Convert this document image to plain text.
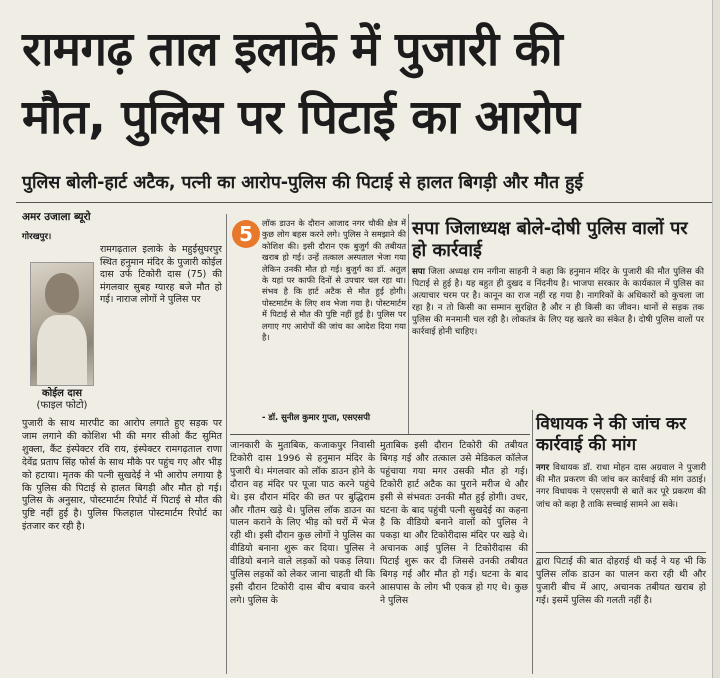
रामगढ़ ताल इलाके में पुजारी की
मौत, पुलिस पर पिटाई का आरोप
पुलिस बोली-हार्ट अटैक, पत्नी का आरोप-पुलिस की पिटाई से हालत बिगड़ी और मौत हुई
अमर उजाला ब्यूरो
कोईल दास
(फाइल फोटो)

गोरखपुर।

रामगढ़ताल इलाके के महुईसुघरपुर स्थित हनुमान मंदिर के पुजारी कोईल दास उर्फ टिकोरी दास (75) की मंगलवार सुबह ग्यारह बजे मौत हो गई। नाराज लोगों ने पुलिस पर
पुजारी के साथ मारपीट का आरोप लगाते हुए सड़क पर जाम लगाने की कोशिश भी की मगर सीओ कैंट सुमित शुक्ला, कैंट इंस्पेक्टर रवि राय, इंस्पेक्टर रामगढ़ताल राणा देवेंद्र प्रताप सिंह फोर्स के साथ मौके पर पहुंच गए और भीड़ को हटाया। मृतक की पत्नी सुखदेई ने भी आरोप लगाया है कि पुलिस की पिटाई से हालत बिगड़ी और मौत हो गई। पुलिस के अनुसार, पोस्टमार्टम रिपोर्ट में पिटाई से मौत की पुष्टि नहीं हुई है। पुलिस फिलहाल पोस्टमार्टम रिपोर्ट का इंतजार कर रही है।
5	लॉक डाउन के दौरान आजाद नगर चौकी क्षेत्र में कुछ लोग बहस करने लगे। पुलिस ने समझाने की कोशिश की। इसी दौरान एक बुजुर्ग की तबीयत खराब हो गई। उन्हें तत्काल अस्पताल भेजा गया लेकिन उनकी मौत हो गई। बुजुर्ग का डॉ. अतुल के यहां पर काफी दिनों से उपचार चल रहा था। संभव है कि हार्ट अटैक से मौत हुई होगी। पोस्टमार्टम के लिए शव भेजा गया है। पोस्टमार्टम में पिटाई से मौत की पुष्टि नहीं हुई है। पुलिस पर लगाए गए आरोपों की जांच का आदेश दिया गया है।
- डॉ. सुनील कुमार गुप्ता, एसएसपी
सपा जिलाध्यक्ष बोले-दोषी पुलिस वालों पर हो कार्रवाई
सपा जिला अध्यक्ष राम नगीना साहनी ने कहा कि हनुमान मंदिर के पुजारी की मौत पुलिस की पिटाई से हुई है। यह बहुत ही दुखद व निंदनीय है। भाजपा सरकार के कार्यकाल में पुलिस का अत्याचार चरम पर है। कानून का राज नहीं रह गया है। नागरिकों के अधिकारों को कुचला जा रहा है। न तो किसी का सम्मान सुरक्षित है और न ही किसी का जीवन। थानों से सड़क तक पुलिस की मनमानी चल रही है। लोकतंत्र के लिए यह खतरे का संकेत है। दोषी पुलिस वालों पर कार्रवाई होनी चाहिए।
जानकारी के मुताबिक, कजाकपुर निवासी टिकोरी दास 1996 से हनुमान मंदिर के पुजारी थे। मंगलवार को लॉक डाउन होने के दौरान वह मंदिर पर पूजा पाठ करने पहुंचे थे। इस दौरान मंदिर की छत पर बुद्धिराम और गौतम खड़े थे। पुलिस लॉक डाउन का पालन कराने के लिए भीड़ को घरों में भेज रही थी। इसी दौरान कुछ लोगों ने पुलिस का वीडियो बनाना शुरू कर दिया। पुलिस ने वीडियो बनाने वाले लड़कों को पकड़ लिया। पुलिस लड़कों को लेकर जाना चाहती थी कि इसी दौरान टिकोरी दास बीच बचाव करने लगे। पुलिस के
मुताबिक इसी दौरान टिकोरी की तबीयत बिगड़ गई और तत्काल उसे मेडिकल कॉलेज पहुंचाया गया मगर उसकी मौत हो गई। टिकोरी हार्ट अटैक का पुराने मरीज थे और इसी से संभवतः उनकी मौत हुई होगी। उधर, घटना के बाद पहुंची पत्नी सुखदेई का कहना है कि वीडियो बनाने वालों को पुलिस ने पकड़ा था और टिकोरीदास मंदिर पर खड़े थे। अचानक आई पुलिस ने टिकोरीदास की पिटाई शुरू कर दी जिससे उनकी तबीयत बिगड़ गई और मौत हो गई। घटना के बाद आसपास के लोग भी एकत्र हो गए थे। कुछ ने पुलिस
विधायक ने की जांच कर कार्रवाई की मांग
नगर विधायक डॉ. राधा मोहन दास अग्रवाल ने पुजारी की मौत प्रकरण की जांच कर कार्रवाई की मांग उठाई। नगर विधायक ने एसएसपी से बातें कर पूरे प्रकरण की जांच को कहा है ताकि सच्चाई सामने आ सके।
द्वारा पिटाई की बात दोहराई थी कई ने यह भी कि पुलिस लॉक डाउन का पालन करा रही थी और पुजारी बीच में आए, अचानक तबीयत खराब हो गई। इसमें पुलिस की गलती नहीं है।
